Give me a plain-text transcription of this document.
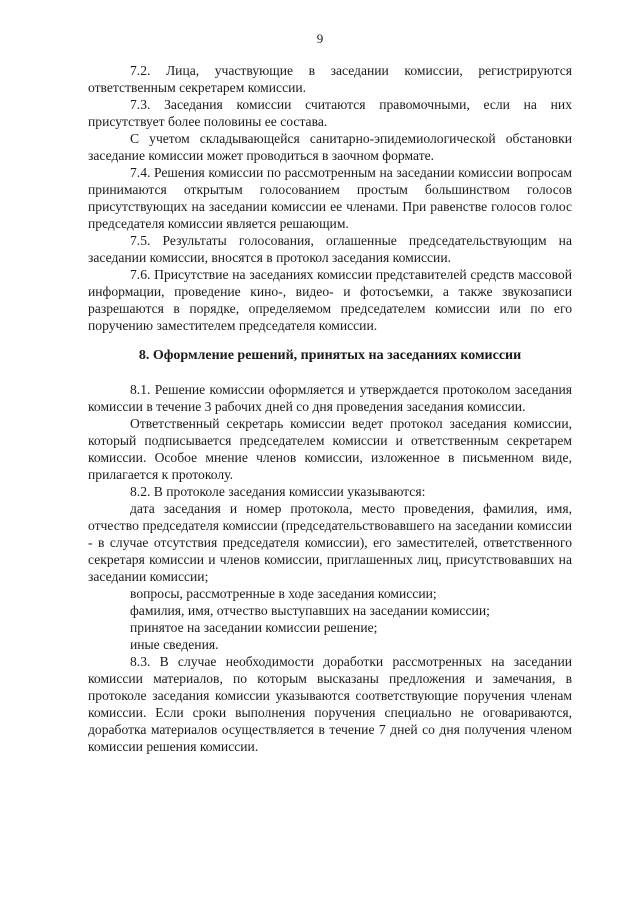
9

7.2. Лица, участвующие в заседании комиссии, регистрируются ответственным секретарем комиссии.

7.3. Заседания комиссии считаются правомочными, если на них присутствует более половины ее состава.

С учетом складывающейся санитарно-эпидемиологической обстановки заседание комиссии может проводиться в заочном формате.

7.4. Решения комиссии по рассмотренным на заседании комиссии вопросам принимаются открытым голосованием простым большинством голосов присутствующих на заседании комиссии ее членами. При равенстве голосов голос председателя комиссии является решающим.

7.5. Результаты голосования, оглашенные председательствующим на заседании комиссии, вносятся в протокол заседания комиссии.

7.6. Присутствие на заседаниях комиссии представителей средств массовой информации, проведение кино-, видео- и фотосъемки, а также звукозаписи разрешаются в порядке, определяемом председателем комиссии или по его поручению заместителем председателя комиссии.

8. Оформление решений, принятых на заседаниях комиссии

8.1. Решение комиссии оформляется и утверждается протоколом заседания комиссии в течение 3 рабочих дней со дня проведения заседания комиссии.

Ответственный секретарь комиссии ведет протокол заседания комиссии, который подписывается председателем комиссии и ответственным секретарем комиссии. Особое мнение членов комиссии, изложенное в письменном виде, прилагается к протоколу.

8.2. В протоколе заседания комиссии указываются:

дата заседания и номер протокола, место проведения, фамилия, имя, отчество председателя комиссии (председательствовавшего на заседании комиссии - в случае отсутствия председателя комиссии), его заместителей, ответственного секретаря комиссии и членов комиссии, приглашенных лиц, присутствовавших на заседании комиссии;

вопросы, рассмотренные в ходе заседания комиссии;

фамилия, имя, отчество выступавших на заседании комиссии;

принятое на заседании комиссии решение;

иные сведения.

8.3. В случае необходимости доработки рассмотренных на заседании комиссии материалов, по которым высказаны предложения и замечания, в протоколе заседания комиссии указываются соответствующие поручения членам комиссии. Если сроки выполнения поручения специально не оговариваются, доработка материалов осуществляется в течение 7 дней со дня получения членом комиссии решения комиссии.
